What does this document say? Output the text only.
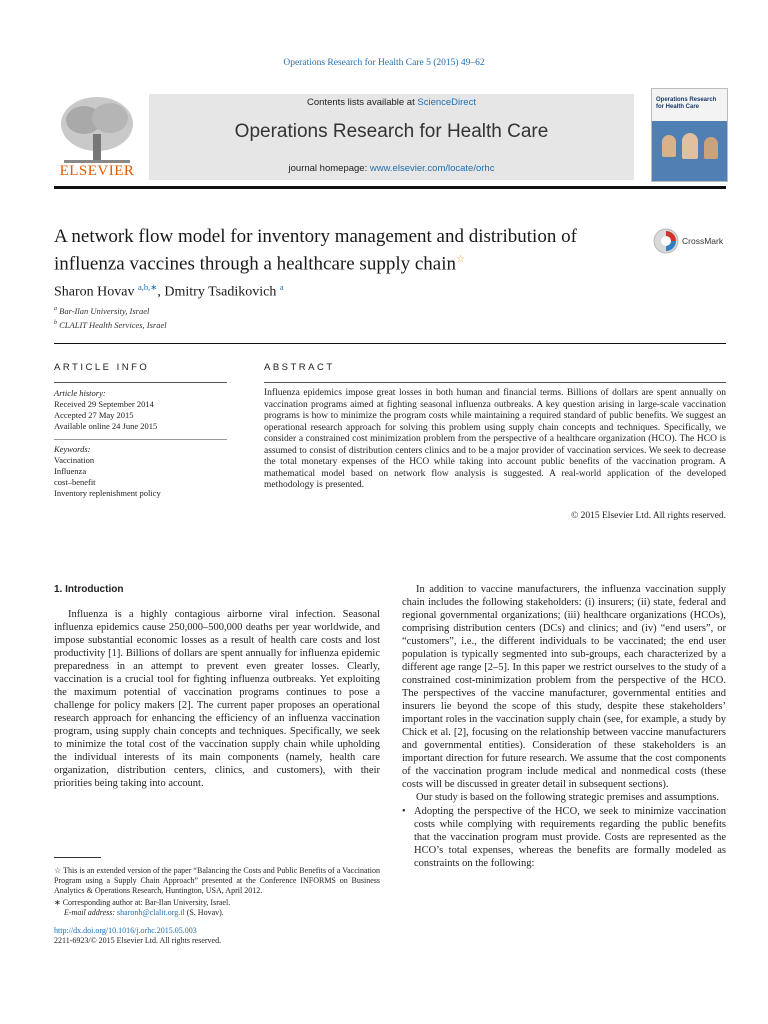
Operations Research for Health Care 5 (2015) 49–62
ELSEVIER
Contents lists available at ScienceDirect
Operations Research for Health Care
journal homepage: www.elsevier.com/locate/orhc
Operations Research for Health Care
A network flow model for inventory management and distribution of
influenza vaccines through a healthcare supply chain☆
CrossMark
Sharon Hovav $^{a,b,∗}$, Dmitry Tsadikovich $^a$
$^a$ Bar-Ilan University, Israel
$^b$ CLALIT Health Services, Israel
ARTICLE INFO
Article history:
Received 29 September 2014
Accepted 27 May 2015
Available online 24 June 2015
Keywords:
Vaccination
Influenza
cost–benefit
Inventory replenishment policy
ABSTRACT
Influenza epidemics impose great losses in both human and financial terms. Billions of dollars are spent annually on vaccination programs aimed at fighting seasonal influenza outbreaks. A key question arising in large-scale vaccination programs is how to minimize the program costs while maintaining a required standard of public benefits. We suggest an operational research approach for solving this problem using supply chain concepts and techniques. Specifically, we consider a constrained cost minimization problem from the perspective of a healthcare organization (HCO). The HCO is assumed to consist of distribution centers clinics and to be a major provider of vaccination services. We seek to decrease the total monetary expenses of the HCO while taking into account public benefits of the vaccination program. A mathematical model based on network flow analysis is suggested. A real-world application of the developed methodology is presented.
© 2015 Elsevier Ltd. All rights reserved.
1. Introduction

Influenza is a highly contagious airborne viral infection. Seasonal influenza epidemics cause 250,000–500,000 deaths per year worldwide, and impose substantial economic losses as a result of health care costs and lost productivity [1]. Billions of dollars are spent annually for influenza epidemic preparedness in an attempt to prevent even greater losses. Clearly, vaccination is a crucial tool for fighting influenza outbreaks. Yet exploiting the maximum potential of vaccination programs continues to pose a challenge for policy makers [2]. The current paper proposes an operational research approach for enhancing the efficiency of an influenza vaccination program, using supply chain concepts and techniques. Specifically, we seek to minimize the total cost of the vaccination supply chain while upholding the individual interests of its main components (namely, health care organization, distribution centers, clinics, and customers), with their priorities being taking into account.

In addition to vaccine manufacturers, the influenza vaccination supply chain includes the following stakeholders: (i) insurers; (ii) state, federal and regional governmental organizations; (iii) healthcare organizations (HCOs), comprising distribution centers (DCs) and clinics; and (iv) “end users”, or “customers”, i.e., the different individuals to be vaccinated; the end user population is typically segmented into sub-groups, each characterized by a different age range [2–5]. In this paper we restrict ourselves to the study of a constrained cost-minimization problem from the perspective of the HCO. The perspectives of the vaccine manufacturer, governmental entities and insurers lie beyond the scope of this study, despite these stakeholders’ important roles in the vaccination supply chain (see, for example, a study by Chick et al. [2], focusing on the relationship between vaccine manufacturers and governmental entities). Consideration of these stakeholders is an important direction for future research. We assume that the cost components of the vaccination program include medical and nonmedical costs (these costs will be discussed in greater detail in subsequent sections).

Our study is based on the following strategic premises and assumptions.

• Adopting the perspective of the HCO, we seek to minimize vaccination costs while complying with requirements regarding the public benefits that the vaccination program must provide. Costs are represented as the HCO’s total expenses, whereas the benefits are formally modeled as constraints on the following:
☆ This is an extended version of the paper “Balancing the Costs and Public Benefits of a Vaccination Program using a Supply Chain Approach” presented at the Conference INFORMS on Business Analytics & Operations Research, Huntington, USA, April 2012.
∗ Corresponding author at: Bar-Ilan University, Israel.
E-mail address: sharonh@clalit.org.il (S. Hovav).
http://dx.doi.org/10.1016/j.orhc.2015.05.003
2211-6923/© 2015 Elsevier Ltd. All rights reserved.
